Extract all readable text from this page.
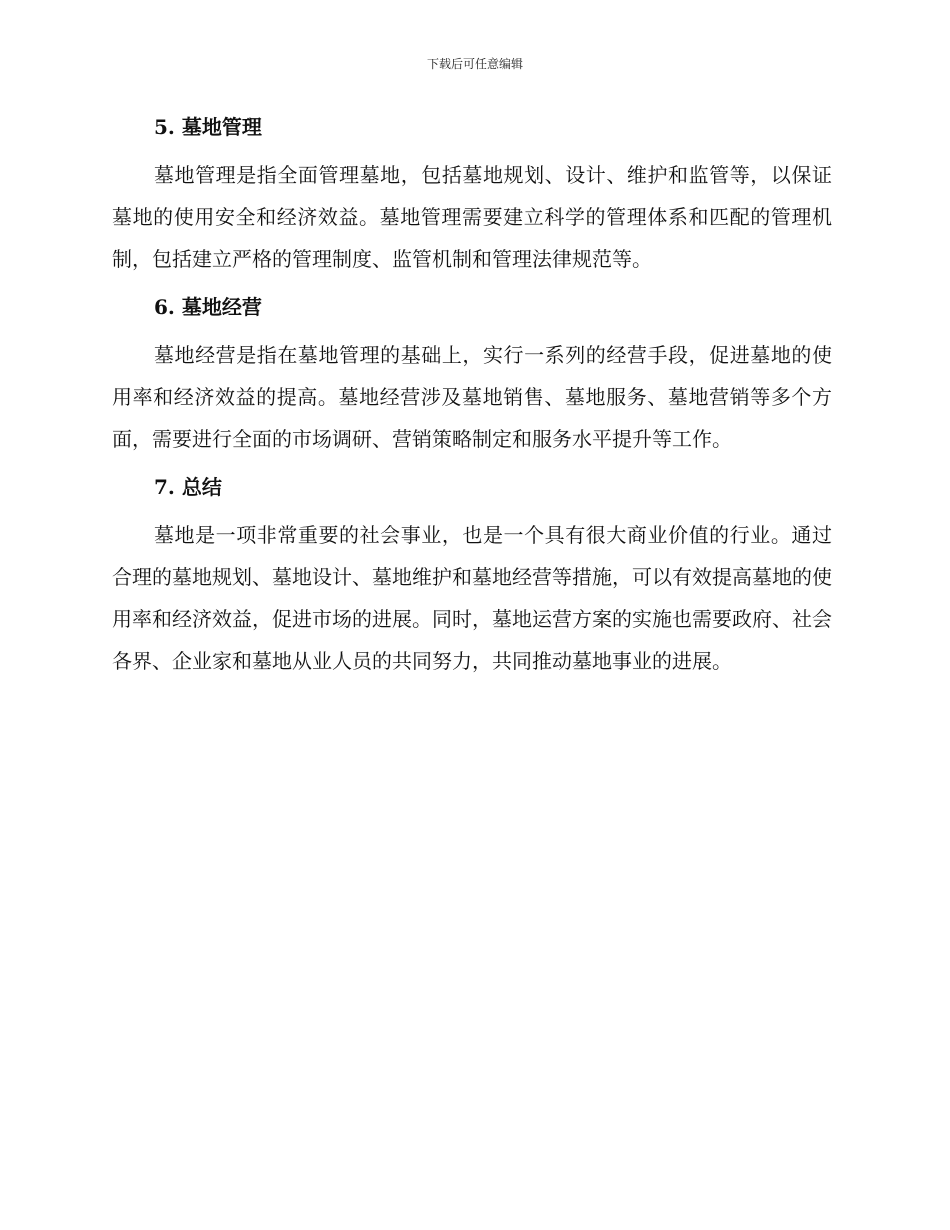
下载后可任意编辑
5. 墓地管理

墓地管理是指全面管理墓地，包括墓地规划、设计、维护和监管等，以保证墓地的使用安全和经济效益。墓地管理需要建立科学的管理体系和匹配的管理机制，包括建立严格的管理制度、监管机制和管理法律规范等。

6. 墓地经营

墓地经营是指在墓地管理的基础上，实行一系列的经营手段，促进墓地的使用率和经济效益的提高。墓地经营涉及墓地销售、墓地服务、墓地营销等多个方面，需要进行全面的市场调研、营销策略制定和服务水平提升等工作。

7. 总结

墓地是一项非常重要的社会事业，也是一个具有很大商业价值的行业。通过合理的墓地规划、墓地设计、墓地维护和墓地经营等措施，可以有效提高墓地的使用率和经济效益，促进市场的进展。同时，墓地运营方案的实施也需要政府、社会各界、企业家和墓地从业人员的共同努力，共同推动墓地事业的进展。
